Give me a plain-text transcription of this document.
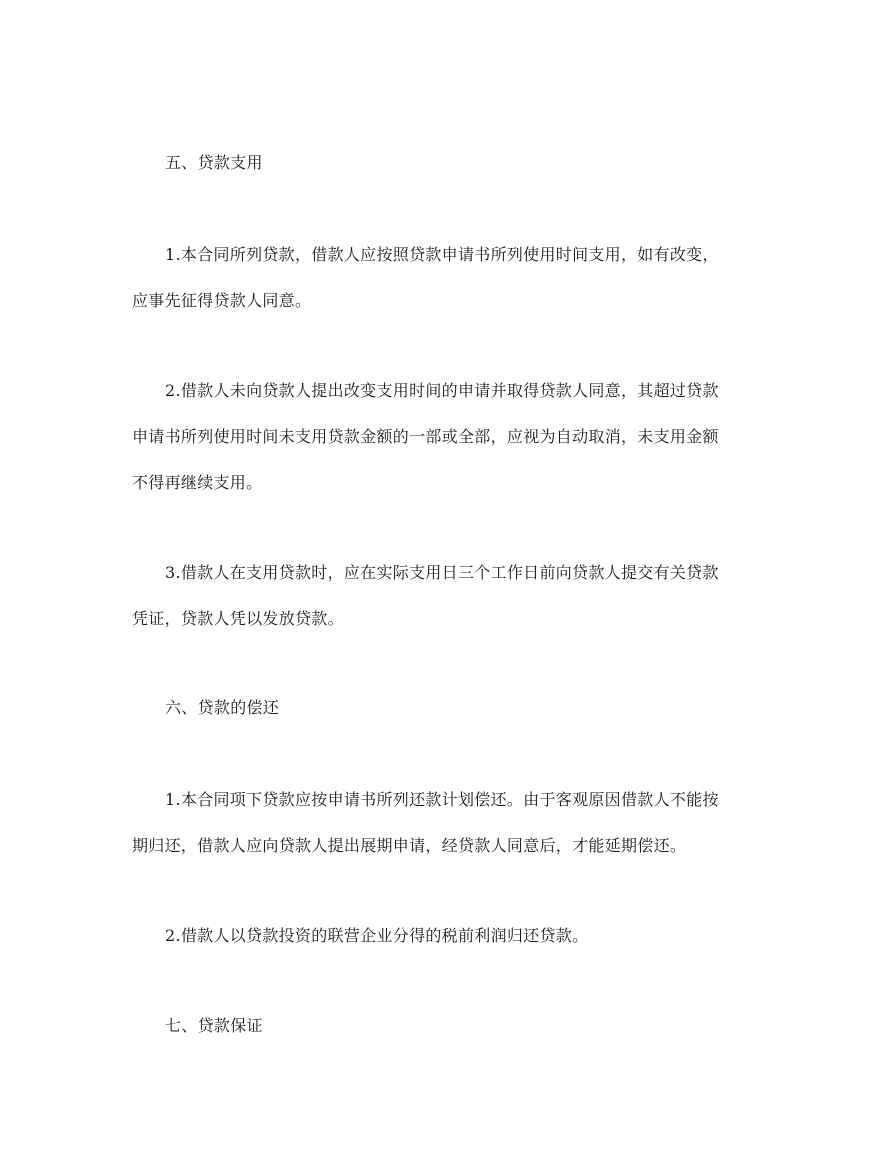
五、贷款支用
1.本合同所列贷款，借款人应按照贷款申请书所列使用时间支用，如有改变，
应事先征得贷款人同意。
2.借款人未向贷款人提出改变支用时间的申请并取得贷款人同意，其超过贷款
申请书所列使用时间未支用贷款金额的一部或全部，应视为自动取消，未支用金额
不得再继续支用。
3.借款人在支用贷款时，应在实际支用日三个工作日前向贷款人提交有关贷款
凭证，贷款人凭以发放贷款。
六、贷款的偿还
1.本合同项下贷款应按申请书所列还款计划偿还。由于客观原因借款人不能按
期归还，借款人应向贷款人提出展期申请，经贷款人同意后，才能延期偿还。
2.借款人以贷款投资的联营企业分得的税前利润归还贷款。
七、贷款保证
